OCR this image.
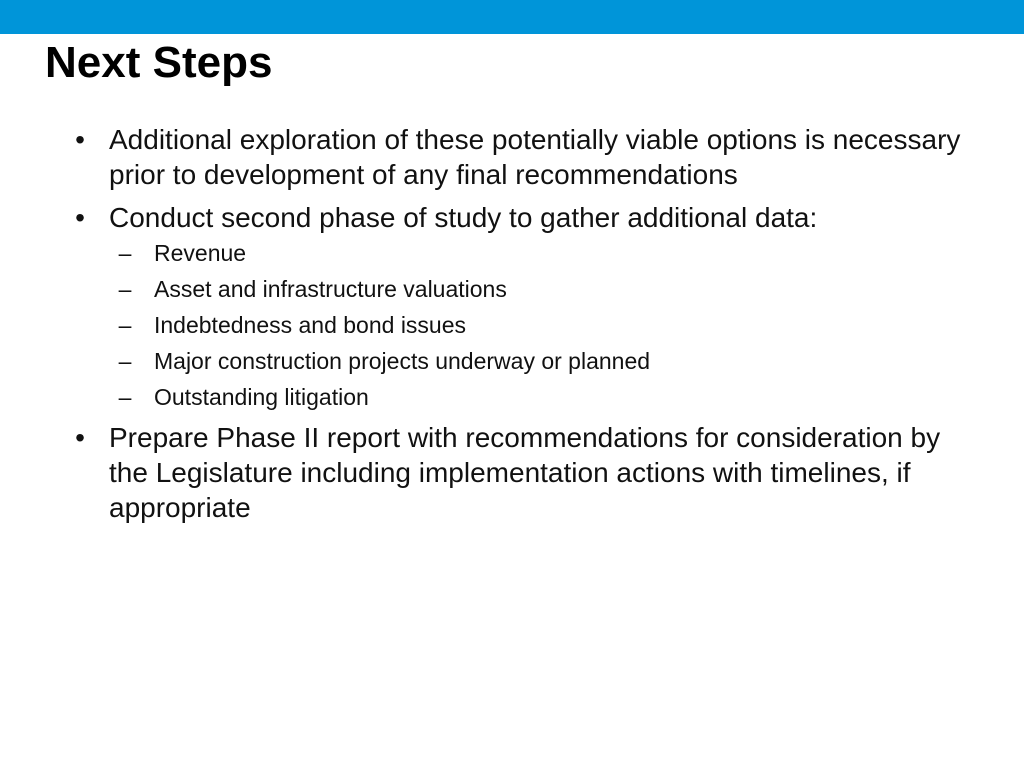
Next Steps
• Additional exploration of these potentially viable options is necessary prior to development of any final recommendations
• Conduct second phase of study to gather additional data:
– Revenue
– Asset and infrastructure valuations
– Indebtedness and bond issues
– Major construction projects underway or planned
– Outstanding litigation
• Prepare Phase II report with recommendations for consideration by the Legislature including implementation actions with timelines, if appropriate
